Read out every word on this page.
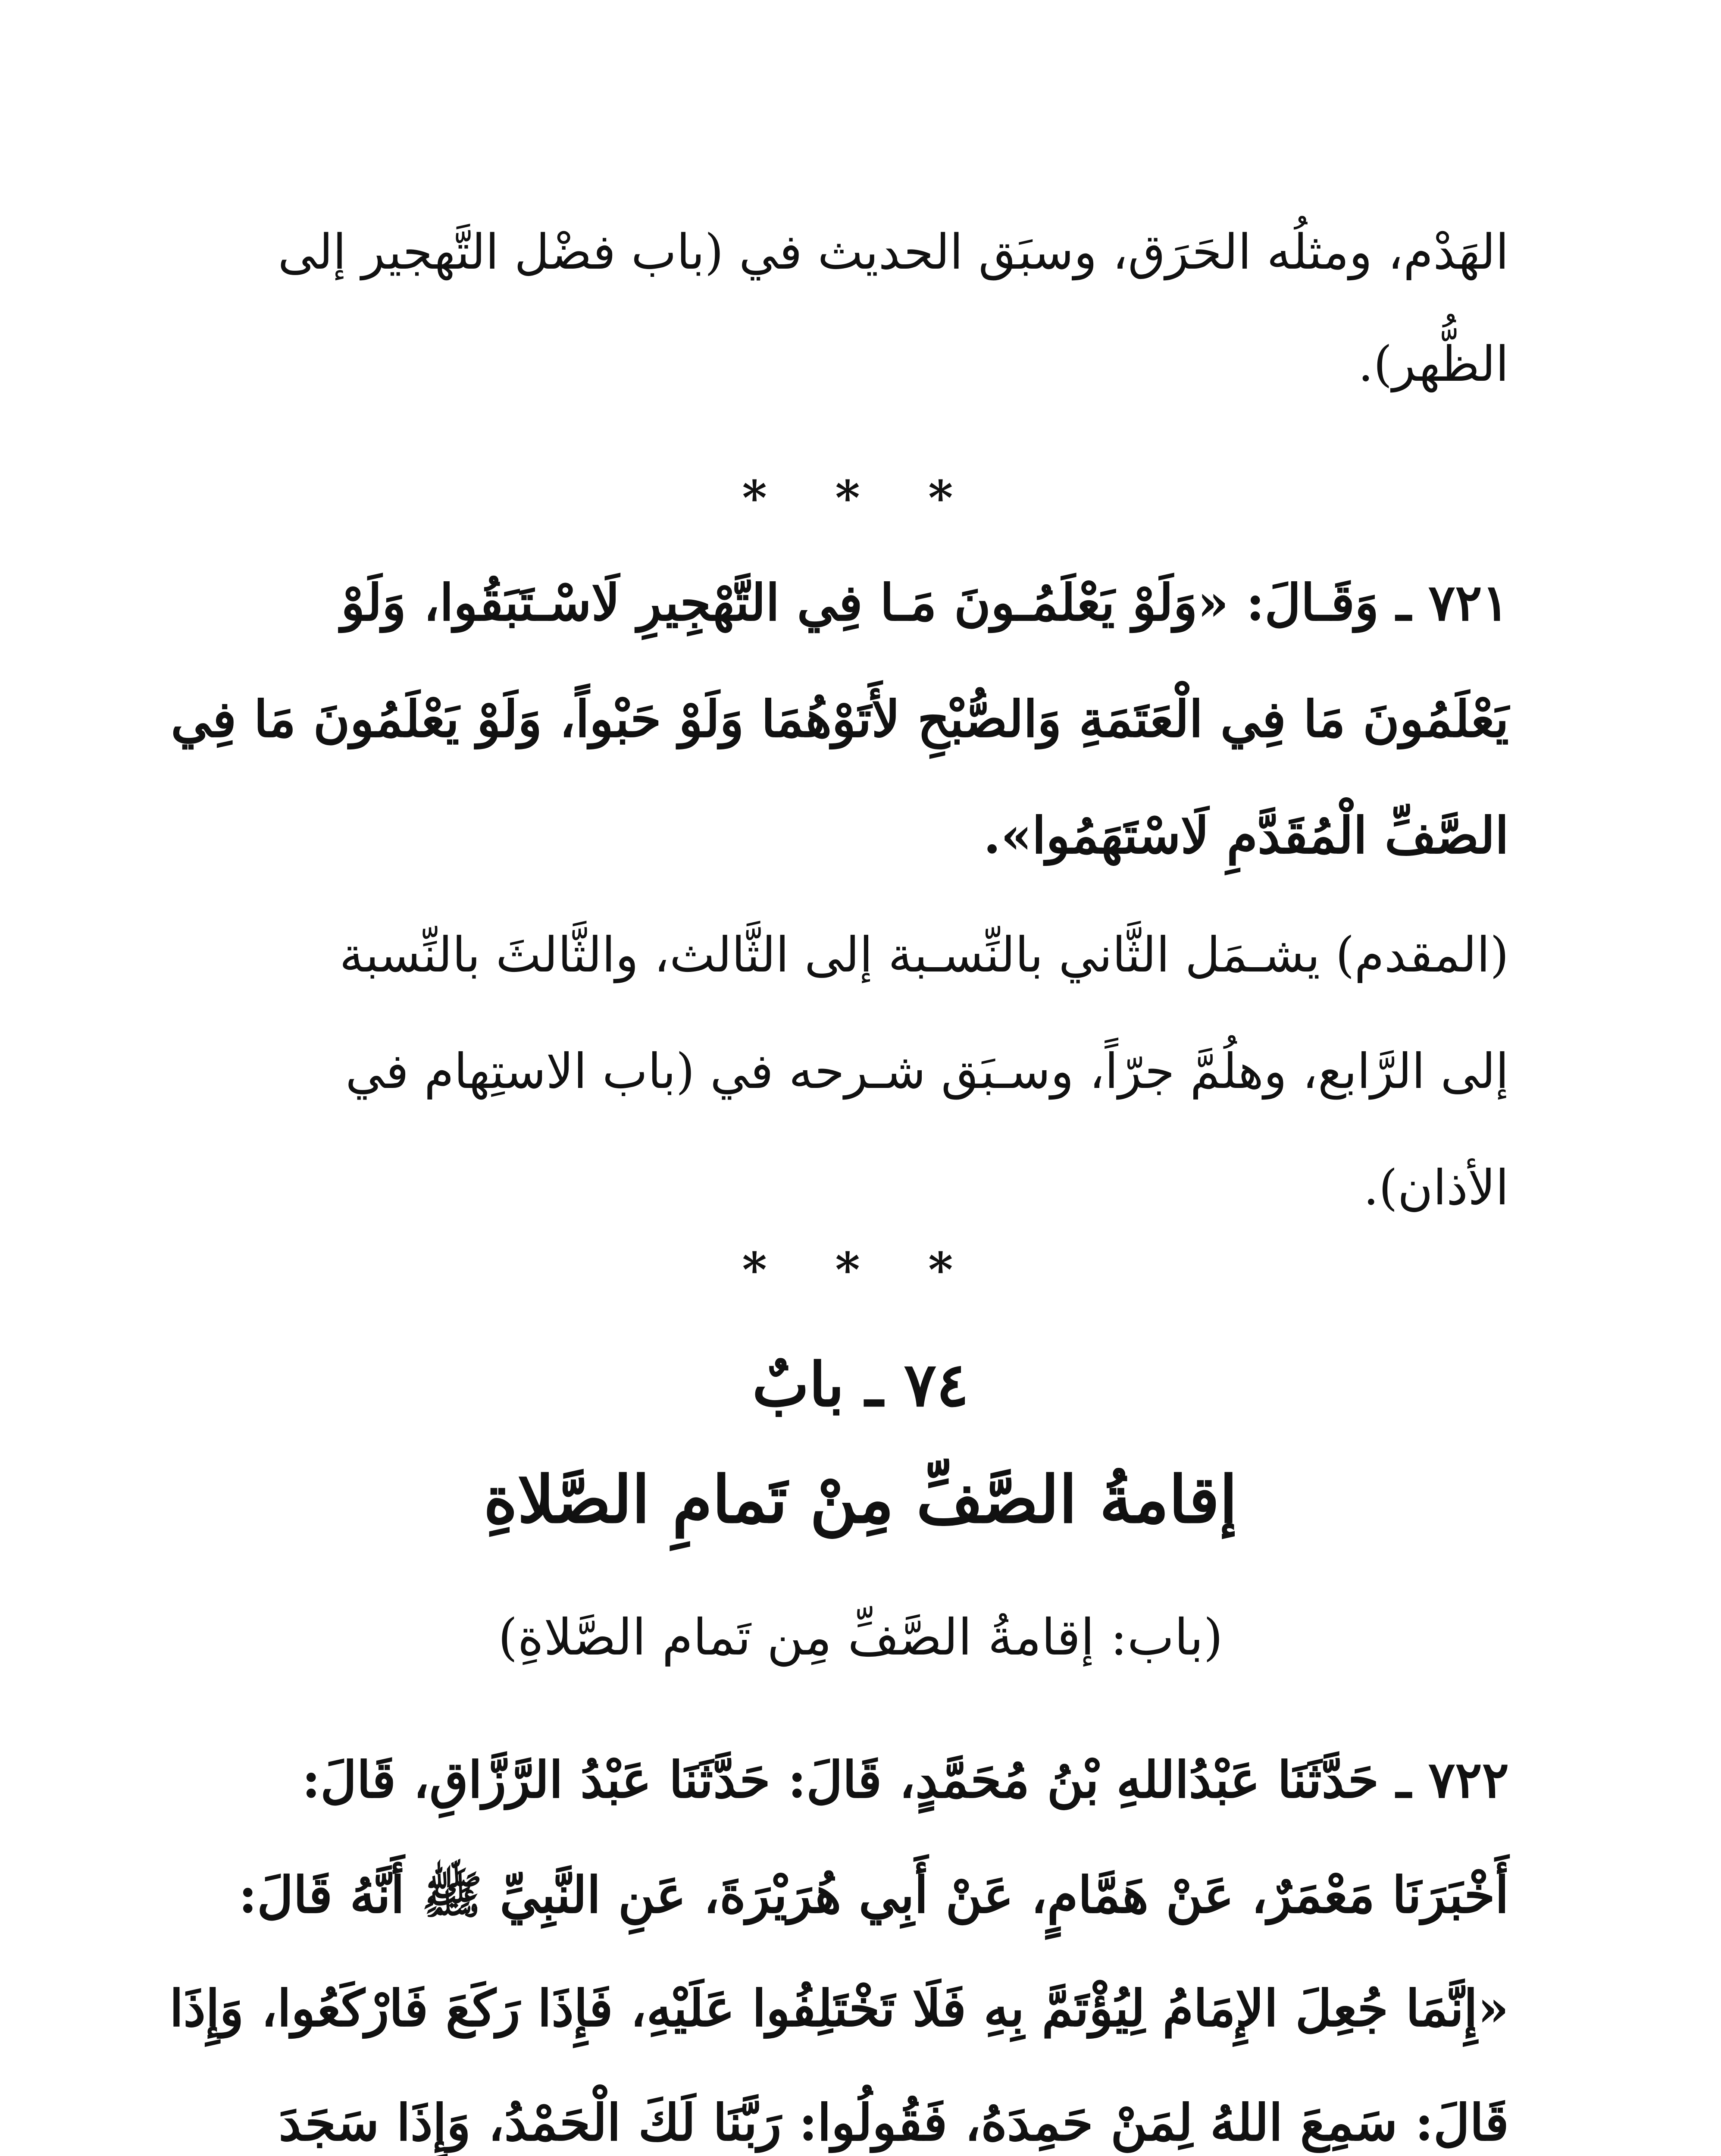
الهَدْم، ومثلُه الحَرَق، وسبَق الحديث في (باب فضْل التَّهجير إلى
الظُّهر).
* * *
٧٢١ ـ وَقَـالَ: «وَلَوْ يَعْلَمُـونَ مَـا فِي التَّهْجِيرِ لَاسْـتَبَقُوا، وَلَوْ
يَعْلَمُونَ مَا فِي الْعَتَمَةِ وَالصُّبْحِ لأَتَوْهُمَا وَلَوْ حَبْواً، وَلَوْ يَعْلَمُونَ مَا فِي
الصَّفِّ الْمُقَدَّمِ لَاسْتَهَمُوا».
(المقدم) يشـمَل الثَّاني بالنِّسـبة إلى الثَّالث، والثَّالثَ بالنِّسبة
إلى الرَّابع، وهلُمَّ جرّاً، وسـبَق شـرحه في (باب الاستِهام في
الأذان).
* * *
٧٤ ـ بابٌ
إقامةُ الصَّفِّ مِنْ تَمامِ الصَّلاةِ
(باب: إقامةُ الصَّفِّ مِن تَمام الصَّلاةِ)
٧٢٢ ـ حَدَّثَنَا عَبْدُاللهِ بْنُ مُحَمَّدٍ، قَالَ: حَدَّثَنَا عَبْدُ الرَّزَّاقِ، قَالَ:
أَخْبَرَنَا مَعْمَرٌ، عَنْ هَمَّامٍ، عَنْ أَبِي هُرَيْرَةَ، عَنِ النَّبِيِّ ﷺ أَنَّهُ قَالَ:
«إِنَّمَا جُعِلَ الإِمَامُ لِيُؤْتَمَّ بِهِ فَلَا تَخْتَلِفُوا عَلَيْهِ، فَإِذَا رَكَعَ فَارْكَعُوا، وَإِذَا
قَالَ: سَمِعَ اللهُ لِمَنْ حَمِدَهُ، فَقُولُوا: رَبَّنَا لَكَ الْحَمْدُ، وَإِذَا سَجَدَ
